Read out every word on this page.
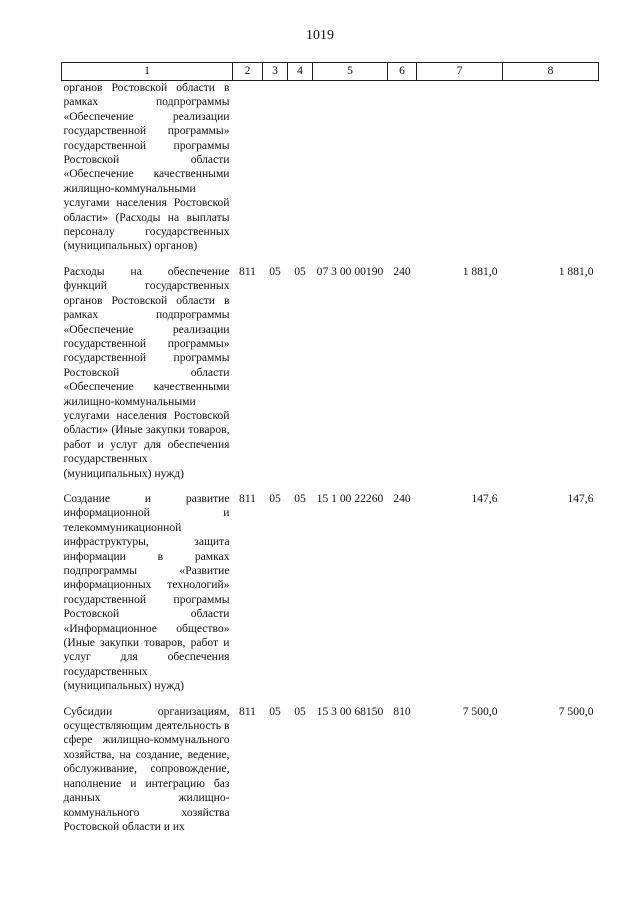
1019
1	2	3	4	5	6	7	8
органов Ростовской области в рамках подпрограммы «Обеспечение реализации государственной программы» государственной программы Ростовской области «Обеспечение качественными жилищно-коммунальными услугами населения Ростовской области» (Расходы на выплаты персоналу государственных (муниципальных) органов)							

Расходы на обеспечение функций государственных органов Ростовской области в рамках подпрограммы «Обеспечение реализации государственной программы» государственной программы Ростовской области «Обеспечение качественными жилищно-коммунальными услугами населения Ростовской области» (Иные закупки товаров, работ и услуг для обеспечения государственных (муниципальных) нужд)	811	05	05	07 3 00 00190	240	1 881,0	1 881,0

Создание и развитие информационной и телекоммуникационной инфраструктуры, защита информации в рамках подпрограммы «Развитие информационных технологий» государственной программы Ростовской области «Информационное общество» (Иные закупки товаров, работ и услуг для обеспечения государственных (муниципальных) нужд)	811	05	05	15 1 00 22260	240	147,6	147,6

Субсидии организациям, осуществляющим деятельность в сфере жилищно-коммунального хозяйства, на создание, ведение, обслуживание, сопровождение, наполнение и интеграцию баз данных жилищно-коммунального хозяйства Ростовской области и их	811	05	05	15 3 00 68150	810	7 500,0	7 500,0
